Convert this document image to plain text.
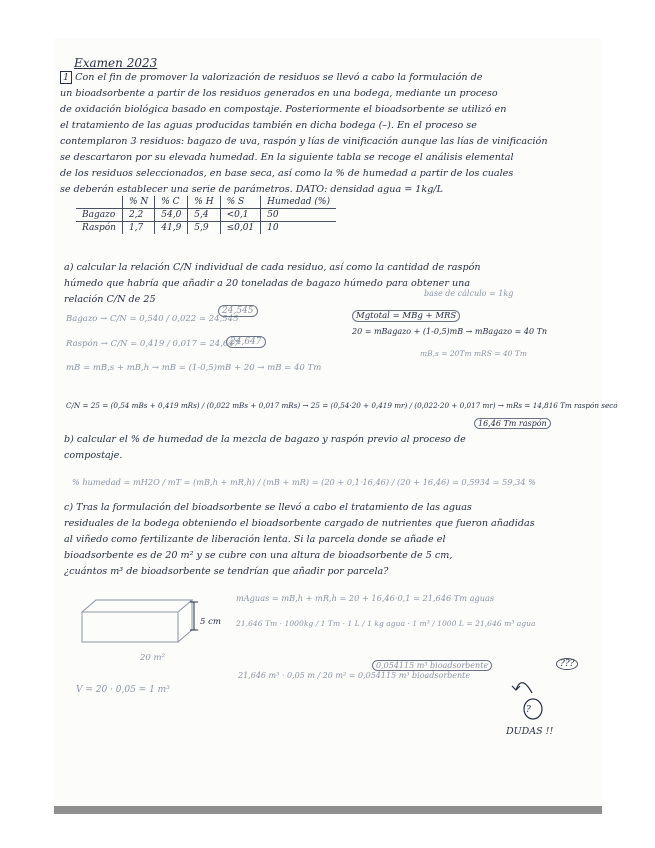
Examen 2023
1 Con el fin de promover la valorización de residuos se llevó a cabo la formulación de
un bioadsorbente a partir de los residuos generados en una bodega, mediante un proceso
de oxidación biológica basado en compostaje. Posteriormente el bioadsorbente se utilizó en
el tratamiento de las aguas producidas también en dicha bodega (–). En el proceso se
contemplaron 3 residuos: bagazo de uva, raspón y lías de vinificación aunque las lías de vinificación
se descartaron por su elevada humedad. En la siguiente tabla se recoge el análisis elemental
de los residuos seleccionados, en base seca, así como la % de humedad a partir de los cuales
se deberán establecer una serie de parámetros. DATO: densidad agua = 1kg/L
	% N	% C	% H	% S	Humedad (%)
Bagazo	2,2	54,0	5,4	<0,1	50
Raspón	1,7	41,9	5,9	≤0,01	10
a) calcular la relación C/N individual de cada residuo, así como la cantidad de raspón
húmedo que habría que añadir a 20 toneladas de bagazo húmedo para obtener una
relación C/N de 25
base de cálculo = 1kg
Bagazo → C/N = 0,540 / 0,022 = 24,545
24,545	Mgtotal = MBg + MRS
20 = mBagazo + (1-0,5)mB → mBagazo = 40 Tn
Raspón → C/N = 0,419 / 0,017 = 24,647
24,647
mB = mB,s + mB,h → mB = (1-0,5)mB + 20 → mB = 40 Tm
mB,s = 20Tm mRS = 40 Tm
C/N = 25 = (0,54 mBs + 0,419 mRs) / (0,022 mBs + 0,017 mRs) → 25 = (0,54·20 + 0,419 mr) / (0,022·20 + 0,017 mr) → mRs = 14,816 Tm raspón seco
16,46 Tm raspón
b) calcular el % de humedad de la mezcla de bagazo y raspón previo al proceso de
compostaje.
% humedad = mH2O / mT = (mB,h + mR,h) / (mB + mR) = (20 + 0,1·16,46) / (20 + 16,46) = 0,5934 = 59,34 %
c) Tras la formulación del bioadsorbente se llevó a cabo el tratamiento de las aguas
residuales de la bodega obteniendo el bioadsorbente cargado de nutrientes que fueron añadidas
al viñedo como fertilizante de liberación lenta. Si la parcela donde se añade el
bioadsorbente es de 20 m² y se cubre con una altura de bioadsorbente de 5 cm,
¿cuántos m³ de bioadsorbente se tendrían que añadir por parcela?
mAguas = mB,h + mR,h = 20 + 16,46·0,1 = 21,646 Tm aguas
21,646 Tm · 1000kg / 1 Tm · 1 L / 1 kg agua · 1 m³ / 1000 L = 21,646 m³ agua
5 cm
20 m²
V = 20 · 0,05 = 1 m³
21,646 m³ · 0,05 m / 20 m² = 0,054115 m³ bioadsorbente
0,054115 m³ bioadsorbente	???
?
DUDAS !!
